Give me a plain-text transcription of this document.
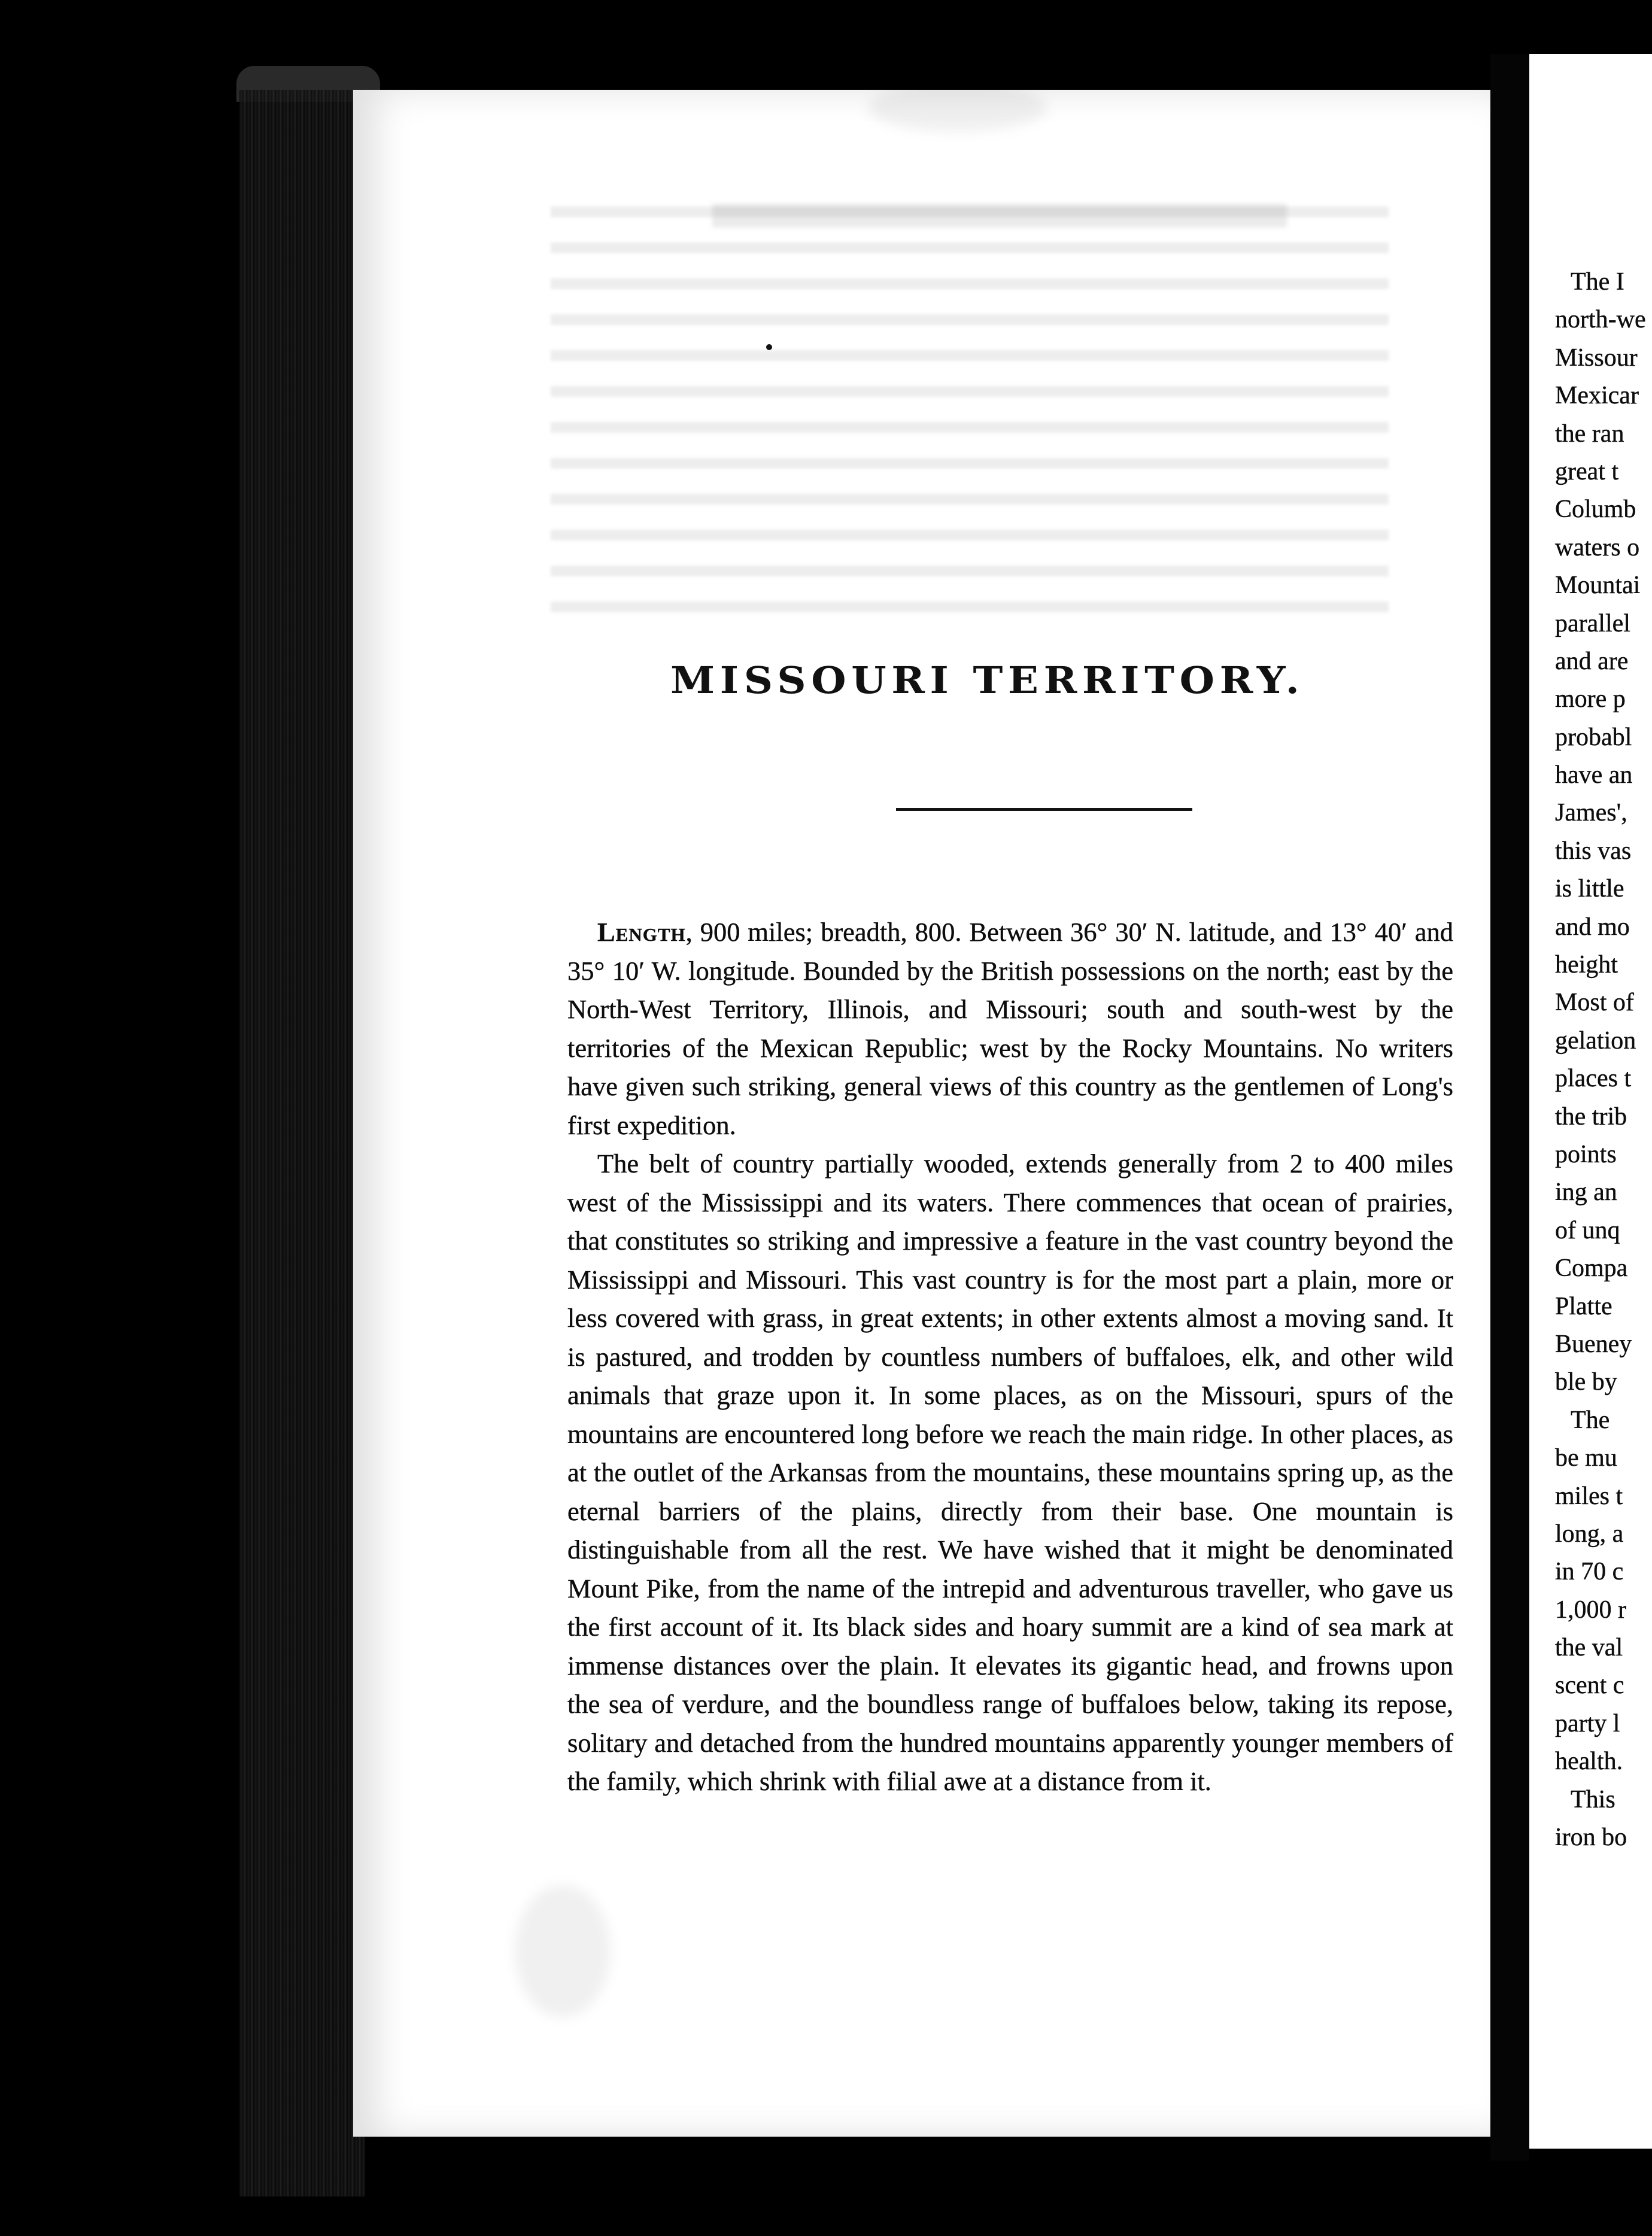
MISSOURI TERRITORY.

Length, 900 miles; breadth, 800. Between 36° 30′ N. latitude, and 13° 40′ and 35° 10′ W. longitude. Bounded by the British possessions on the north; east by the North-West Territory, Illinois, and Missouri; south and south-west by the territories of the Mexican Republic; west by the Rocky Mountains. No writers have given such striking, general views of this country as the gentlemen of Long's first expedition.

The belt of country partially wooded, extends generally from 2 to 400 miles west of the Mississippi and its waters. There commences that ocean of prairies, that constitutes so striking and impressive a feature in the vast country beyond the Mississippi and Missouri. This vast country is for the most part a plain, more or less covered with grass, in great extents; in other extents almost a moving sand. It is pastured, and trodden by countless numbers of buffaloes, elk, and other wild animals that graze upon it. In some places, as on the Missouri, spurs of the mountains are encountered long before we reach the main ridge. In other places, as at the outlet of the Arkansas from the mountains, these mountains spring up, as the eternal barriers of the plains, directly from their base. One mountain is distinguishable from all the rest. We have wished that it might be denominated Mount Pike, from the name of the intrepid and adventurous traveller, who gave us the first account of it. Its black sides and hoary summit are a kind of sea mark at immense distances over the plain. It elevates its gigantic head, and frowns upon the sea of verdure, and the boundless range of buffaloes below, taking its repose, solitary and detached from the hundred mountains apparently younger members of the family, which shrink with filial awe at a distance from it.

The I
north-we
Missour
Mexicar
the ran
great t
Columb
waters o
Mountai
parallel
and are
more p
probabl
have an
James',
this vas
is little
and mo
height
Most of
gelation
places t
the trib
points
ing an
of unq
Compa
Platte
Bueney
ble by
The
be mu
miles t
long, a
in 70 c
1,000 r
the val
scent c
party l
health.
This
iron bo
